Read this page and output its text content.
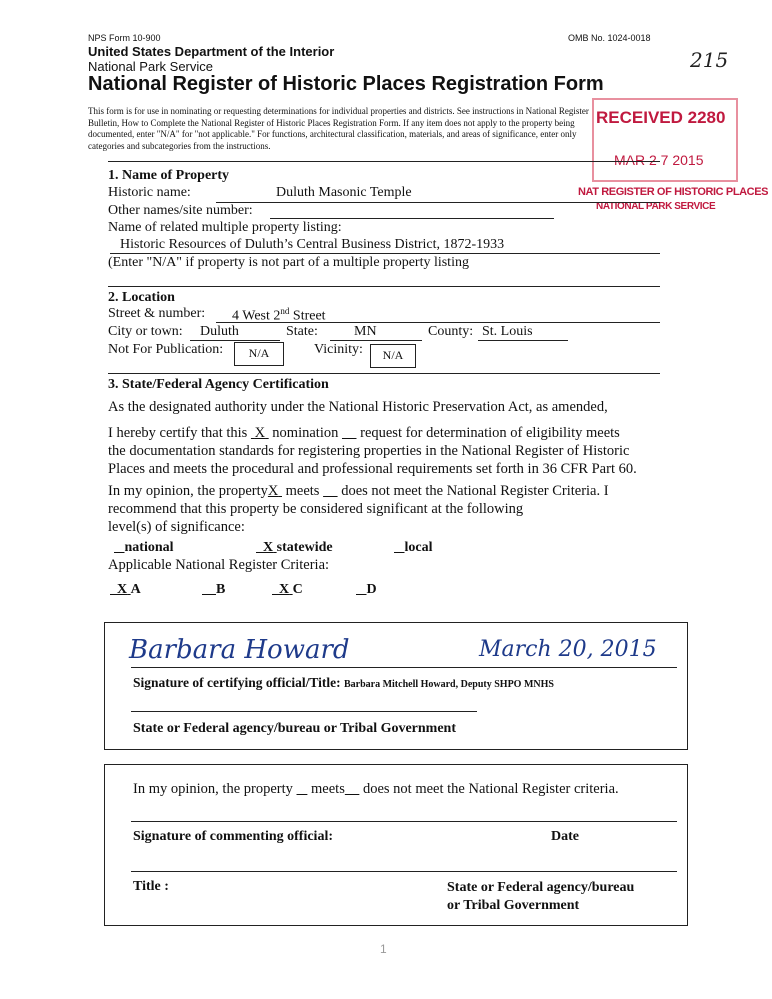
NPS Form 10-900	OMB No. 1024-0018
United States Department of the Interior
National Park Service	215
National Register of Historic Places Registration Form
This form is for use in nominating or requesting determinations for individual properties and districts. See instructions in National Register
Bulletin, How to Complete the National Register of Historic Places Registration Form. If any item does not apply to the property being
documented, enter "N/A" for "not applicable." For functions, architectural classification, materials, and areas of significance, enter only
categories and subcategories from the instructions.
RECEIVED 2280
MAR 2 7 2015
NAT REGISTER OF HISTORIC PLACES
NATIONAL PARK SERVICE
1. Name of Property
Historic name:	Duluth Masonic Temple
Other names/site number:
Name of related multiple property listing:
Historic Resources of Duluth’s Central Business District, 1872-1933
(Enter "N/A" if property is not part of a multiple property listing
2. Location
Street & number: 4 West 2nd Street
City or town: Duluth	State:	MN	County: St. Louis
Not For Publication:	N/A	Vicinity:	N/A
3. State/Federal Agency Certification
As the designated authority under the National Historic Preservation Act, as amended,
I hereby certify that this X nomination request for determination of eligibility meets
the documentation standards for registering properties in the National Register of Historic
Places and meets the procedural and professional requirements set forth in 36 CFR Part 60.
In my opinion, the propertyX meets does not meet the National Register Criteria. I
recommend that this property be considered significant at the following
level(s) of significance:
national	X statewide	local
Applicable National Register Criteria:
X A	B	X C	D
Barbara Howard	March 20, 2015
Signature of certifying official/Title: Barbara Mitchell Howard, Deputy SHPO MNHS
State or Federal agency/bureau or Tribal Government
In my opinion, the property meets does not meet the National Register criteria.
Signature of commenting official:	Date
Title :	State or Federal agency/bureau
or Tribal Government
1
